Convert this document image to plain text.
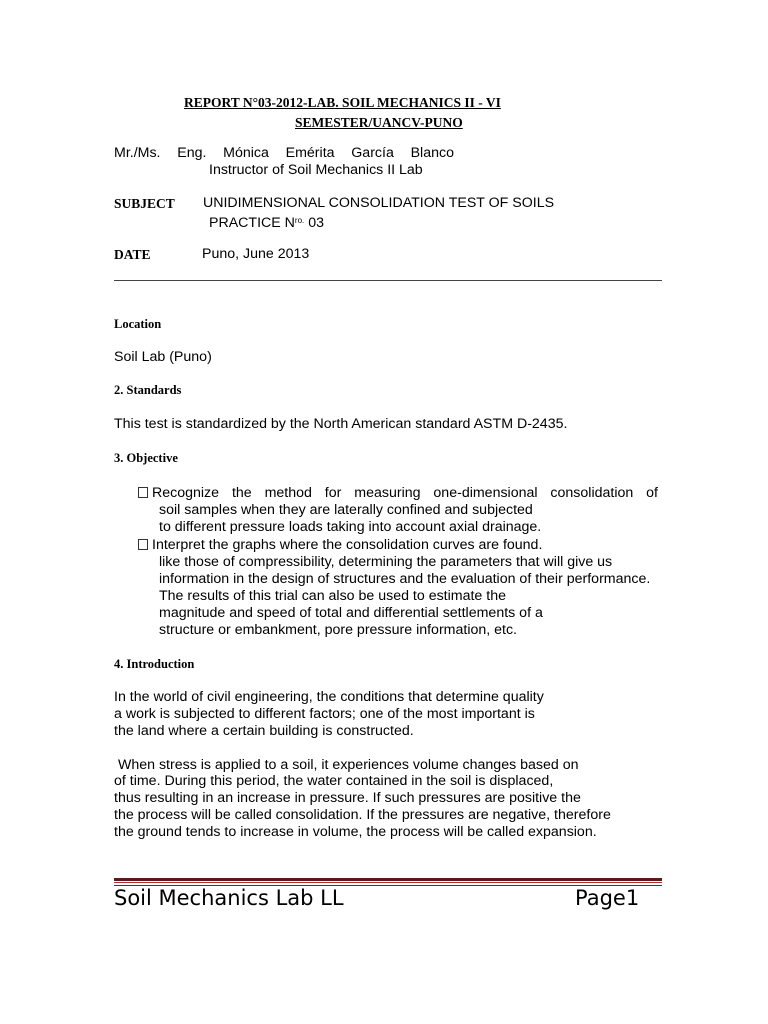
REPORT N°03-2012-LAB. SOIL MECHANICS II - VI
SEMESTER/UANCV-PUNO
Mr./Ms. Eng. Mónica Emérita García Blanco
Instructor of Soil Mechanics II Lab
SUBJECT UNIDIMENSIONAL CONSOLIDATION TEST OF SOILS
PRACTICE $N^{ro.}$ 03
DATE	Puno, June 2013
Location
Soil Lab (Puno)
2. Standards
This test is standardized by the North American standard ASTM D-2435.
3. Objective
Recognize the method for measuring one-dimensional consolidation of
soil samples when they are laterally confined and subjected
to different pressure loads taking into account axial drainage.
Interpret the graphs where the consolidation curves are found.
like those of compressibility, determining the parameters that will give us
information in the design of structures and the evaluation of their performance.
The results of this trial can also be used to estimate the
magnitude and speed of total and differential settlements of a
structure or embankment, pore pressure information, etc.
4. Introduction
In the world of civil engineering, the conditions that determine quality
a work is subjected to different factors; one of the most important is
the land where a certain building is constructed.
When stress is applied to a soil, it experiences volume changes based on
of time. During this period, the water contained in the soil is displaced,
thus resulting in an increase in pressure. If such pressures are positive the
the process will be called consolidation. If the pressures are negative, therefore
the ground tends to increase in volume, the process will be called expansion.
Soil Mechanics Lab LL	Page1
